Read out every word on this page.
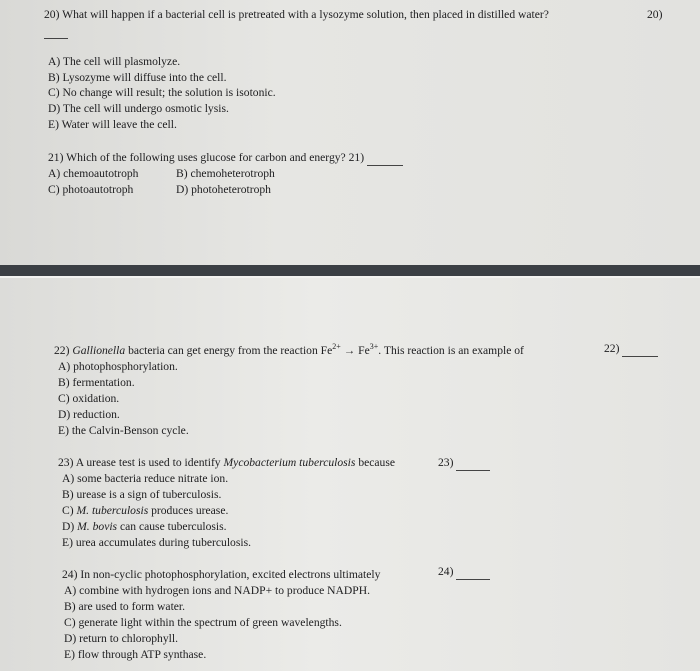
20) What will happen if a bacterial cell is pretreated with a lysozyme solution, then placed in distilled water?	20)

A) The cell will plasmolyze.
B) Lysozyme will diffuse into the cell.
C) No change will result; the solution is isotonic.
D) The cell will undergo osmotic lysis.
E) Water will leave the cell.
21) Which of the following uses glucose for carbon and energy? 21)
A) chemoautotroph	B) chemoheterotroph
C) photoautotroph	D) photoheterotroph
22) Gallionella bacteria can get energy from the reaction $Fe^{2+} \to Fe^{3+}$. This reaction is an example of	22)
A) photophosphorylation.
B) fermentation.
C) oxidation.
D) reduction.
E) the Calvin-Benson cycle.
23) A urease test is used to identify Mycobacterium tuberculosis because	23)
A) some bacteria reduce nitrate ion.
B) urease is a sign of tuberculosis.
C) M. tuberculosis produces urease.
D) M. bovis can cause tuberculosis.
E) urea accumulates during tuberculosis.
24) In non-cyclic photophosphorylation, excited electrons ultimately	24)
A) combine with hydrogen ions and NADP+ to produce NADPH.
B) are used to form water.
C) generate light within the spectrum of green wavelengths.
D) return to chlorophyll.
E) flow through ATP synthase.
